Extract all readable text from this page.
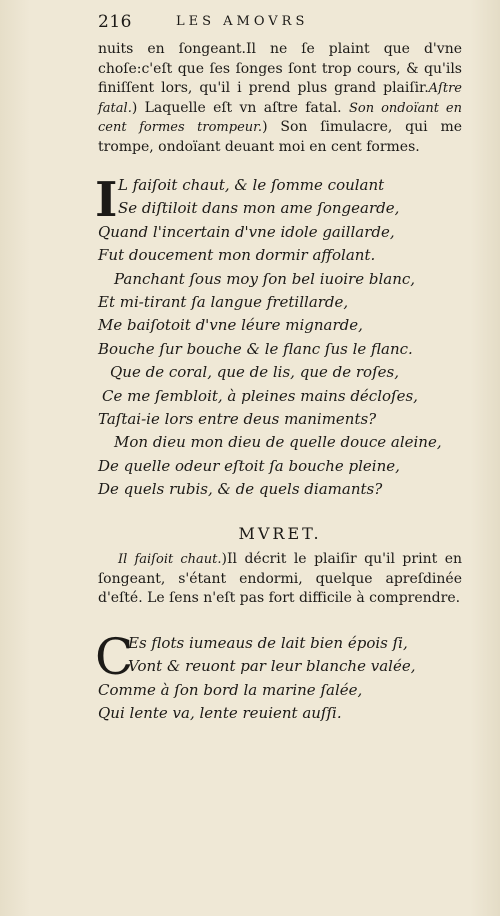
216	LES AMOVRS
nuits en ſongeant.Il ne ſe plaint que d'vne choſe:c'eſt que ſes ſonges ſont trop cours, & qu'ils finiſſent lors, qu'il i prend plus grand plaiſir.Aſtre fatal.) Laquelle eſt vn aſtre fatal. Son ondoïant en cent formes trompeur.) Son ſimulacre, qui me trompe, ondoïant deuant moi en cent formes.
I L faiſoit chaut, & le ſomme coulant
Se diſtiloit dans mon ame ſongearde,
Quand l'incertain d'vne idole gaillarde,
Fut doucement mon dormir affolant.
Panchant ſous moy ſon bel iuoire blanc,
Et mi-tirant ſa langue fretillarde,
Me baiſotoit d'vne léure mignarde,
Bouche ſur bouche & le flanc ſus le flanc.
Que de coral, que de lis, que de roſes,
Ce me ſembloit, à pleines mains décloſes,
Taſtai-ie lors entre deus maniments?
Mon dieu mon dieu de quelle douce aleine,
De quelle odeur eſtoit ſa bouche pleine,
De quels rubis, & de quels diamants?
MVRET.
Il faiſoit chaut.)Il décrit le plaiſir qu'il print en ſongeant, s'étant endormi, quelque apreſdinée d'eſté. Le ſens n'eſt pas fort difficile à comprendre.
C
Es flots iumeaus de lait bien épois ſi,
Vont & reuont par leur blanche valée,
Comme à ſon bord la marine ſalée,
Qui lente va, lente reuient auſſi.
